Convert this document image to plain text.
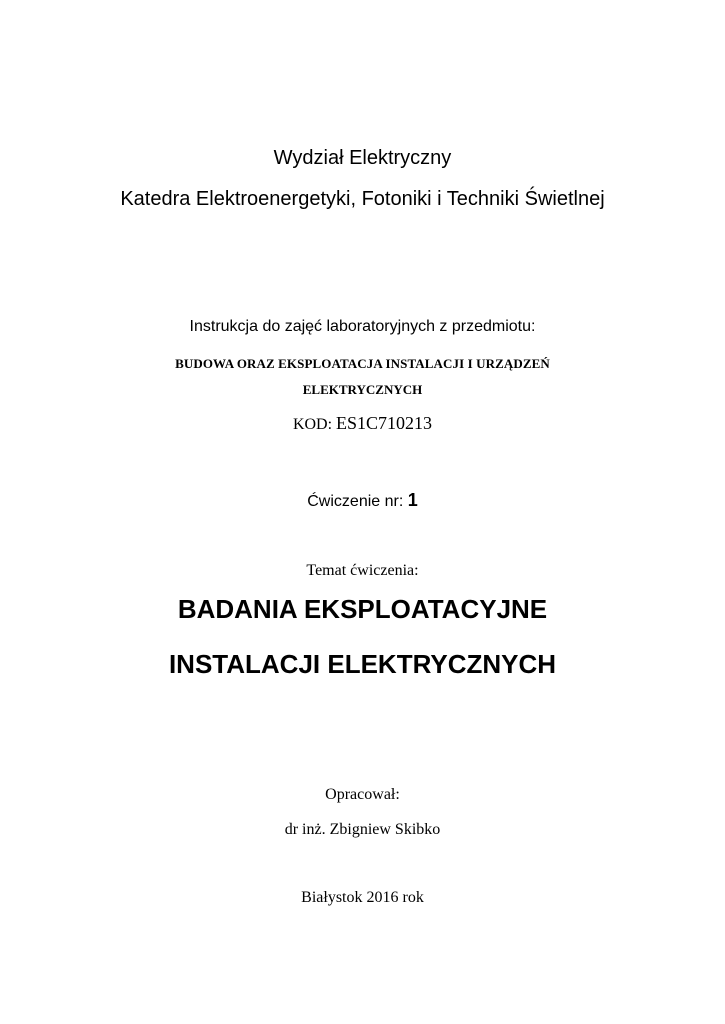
Wydział Elektryczny
Katedra Elektroenergetyki, Fotoniki i Techniki Świetlnej
Instrukcja do zajęć laboratoryjnych z przedmiotu:
BUDOWA ORAZ EKSPLOATACJA INSTALACJI I URZĄDZEŃ
ELEKTRYCZNYCH
KOD: ES1C710213
Ćwiczenie nr: 1
Temat ćwiczenia:
BADANIA EKSPLOATACYJNE
INSTALACJI ELEKTRYCZNYCH
Opracował:
dr inż. Zbigniew Skibko
Białystok 2016 rok
